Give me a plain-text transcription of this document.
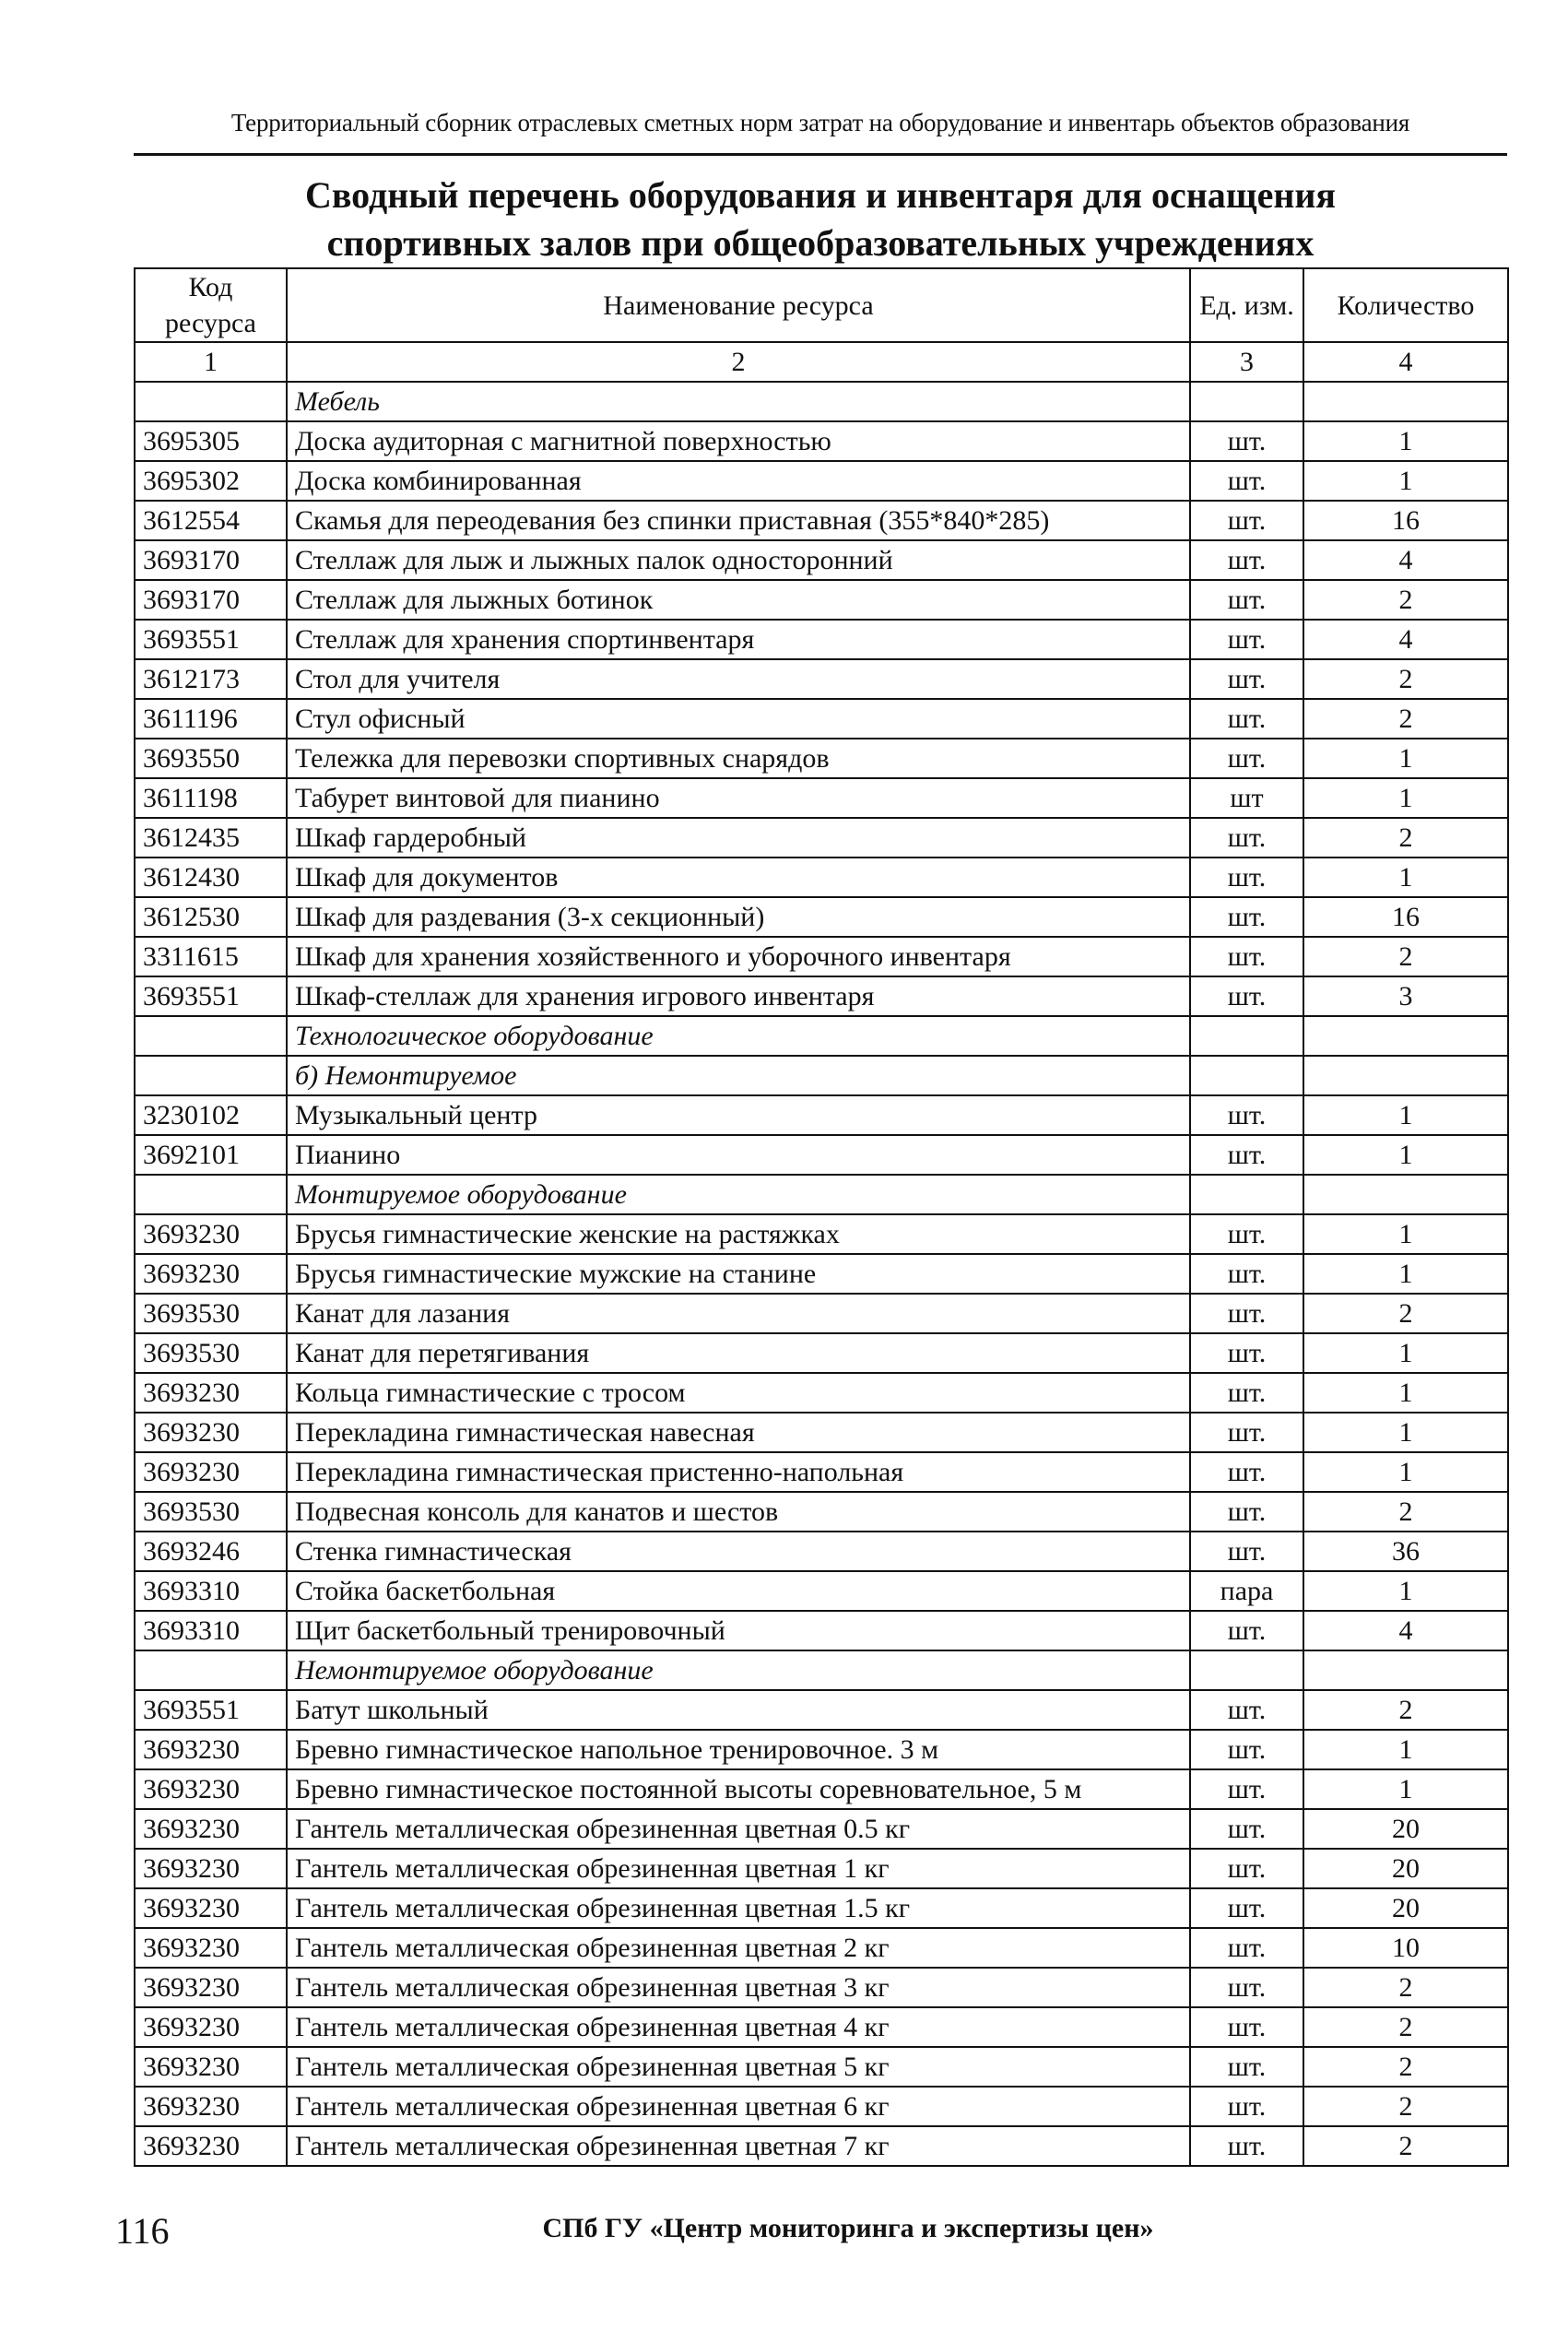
Территориальный сборник отраслевых сметных норм затрат на оборудование и инвентарь объектов образования
Сводный перечень оборудования и инвентаря для оснащения
спортивных залов при общеобразовательных учреждениях
Код ресурса	Наименование ресурса	Ед. изм.	Количество
1	2	3	4
	Мебель		
3695305	Доска аудиторная с магнитной поверхностью	шт.	1
3695302	Доска комбинированная	шт.	1
3612554	Скамья для переодевания без спинки приставная (355*840*285)	шт.	16
3693170	Стеллаж для лыж и лыжных палок односторонний	шт.	4
3693170	Стеллаж для лыжных ботинок	шт.	2
3693551	Стеллаж для хранения спортинвентаря	шт.	4
3612173	Стол для учителя	шт.	2
3611196	Стул офисный	шт.	2
3693550	Тележка для перевозки спортивных снарядов	шт.	1
3611198	Табурет винтовой для пианино	шт	1
3612435	Шкаф гардеробный	шт.	2
3612430	Шкаф для документов	шт.	1
3612530	Шкаф для раздевания (3-х секционный)	шт.	16
3311615	Шкаф для хранения хозяйственного и уборочного инвентаря	шт.	2
3693551	Шкаф-стеллаж для хранения игрового инвентаря	шт.	3
	Технологическое оборудование		
	б) Немонтируемое		
3230102	Музыкальный центр	шт.	1
3692101	Пианино	шт.	1
	Монтируемое оборудование		
3693230	Брусья гимнастические женские на растяжках	шт.	1
3693230	Брусья гимнастические мужские на станине	шт.	1
3693530	Канат для лазания	шт.	2
3693530	Канат для перетягивания	шт.	1
3693230	Кольца гимнастические с тросом	шт.	1
3693230	Перекладина гимнастическая навесная	шт.	1
3693230	Перекладина гимнастическая пристенно-напольная	шт.	1
3693530	Подвесная консоль для канатов и шестов	шт.	2
3693246	Стенка гимнастическая	шт.	36
3693310	Стойка баскетбольная	пара	1
3693310	Щит баскетбольный тренировочный	шт.	4
	Немонтируемое оборудование		
3693551	Батут школьный	шт.	2
3693230	Бревно гимнастическое напольное тренировочное. 3 м	шт.	1
3693230	Бревно гимнастическое постоянной высоты соревновательное, 5 м	шт.	1
3693230	Гантель металлическая обрезиненная цветная 0.5 кг	шт.	20
3693230	Гантель металлическая обрезиненная цветная 1 кг	шт.	20
3693230	Гантель металлическая обрезиненная цветная 1.5 кг	шт.	20
3693230	Гантель металлическая обрезиненная цветная 2 кг	шт.	10
3693230	Гантель металлическая обрезиненная цветная 3 кг	шт.	2
3693230	Гантель металлическая обрезиненная цветная 4 кг	шт.	2
3693230	Гантель металлическая обрезиненная цветная 5 кг	шт.	2
3693230	Гантель металлическая обрезиненная цветная 6 кг	шт.	2
3693230	Гантель металлическая обрезиненная цветная 7 кг	шт.	2
116	СПб ГУ «Центр мониторинга и экспертизы цен»
